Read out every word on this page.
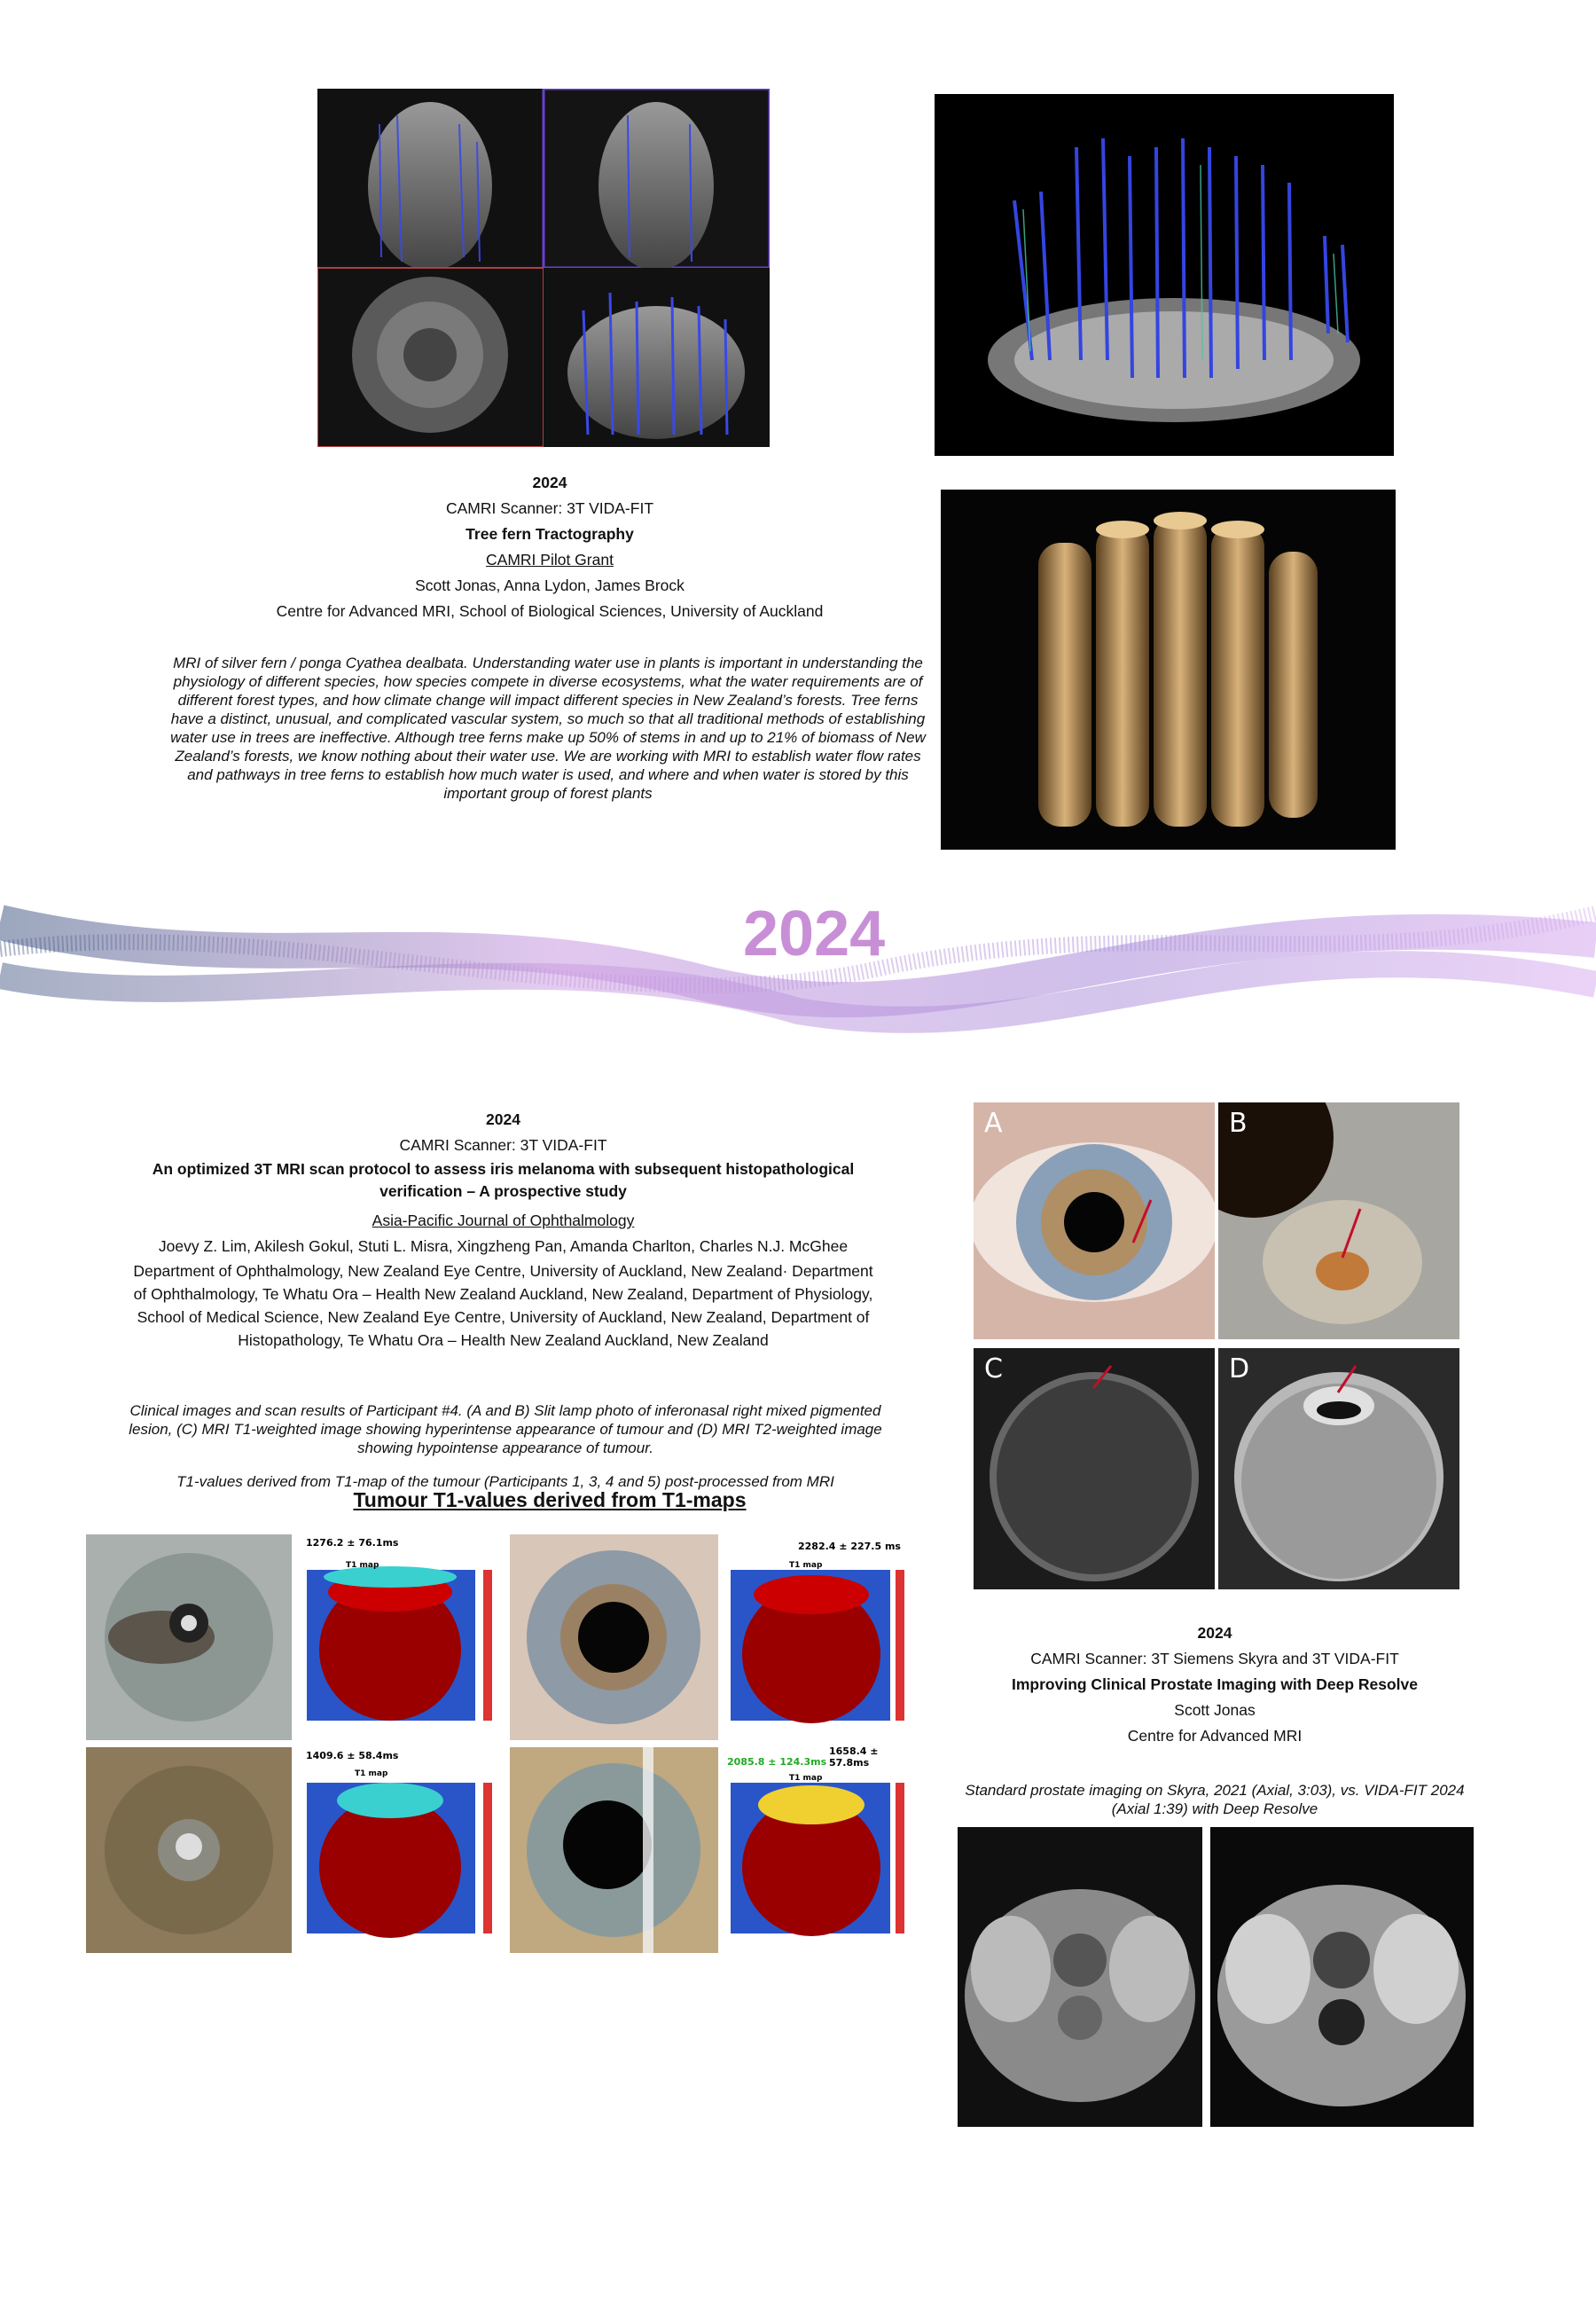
2024
CAMRI Scanner: 3T VIDA-FIT
Tree fern Tractography
CAMRI Pilot Grant
Scott Jonas, Anna Lydon, James Brock
Centre for Advanced MRI, School of Biological Sciences, University of Auckland
MRI of silver fern / ponga Cyathea dealbata. Understanding water use in plants is important in understanding the physiology of different species, how species compete in diverse ecosystems, what the water requirements are of different forest types, and how climate change will impact different species in New Zealand’s forests. Tree ferns have a distinct, unusual, and complicated vascular system, so much so that all traditional methods of establishing water use in trees are ineffective. Although tree ferns make up 50% of stems in and up to 21% of biomass of New Zealand’s forests, we know nothing about their water use. We are working with MRI to establish water flow rates and pathways in tree ferns to establish how much water is used, and where and when water is stored by this important group of forest plants
2024
2024
CAMRI Scanner: 3T VIDA-FIT
An optimized 3T MRI scan protocol to assess iris melanoma with subsequent histopathological verification – A prospective study
Asia-Pacific Journal of Ophthalmology
Joevy Z. Lim, Akilesh Gokul, Stuti L. Misra, Xingzheng Pan, Amanda Charlton, Charles N.J. McGhee
Department of Ophthalmology, New Zealand Eye Centre, University of Auckland, New Zealand· Department of Ophthalmology, Te Whatu Ora – Health New Zealand Auckland, New Zealand, Department of Physiology, School of Medical Science, New Zealand Eye Centre, University of Auckland, New Zealand, Department of Histopathology, Te Whatu Ora – Health New Zealand Auckland, New Zealand
Clinical images and scan results of Participant #4. (A and B) Slit lamp photo of inferonasal right mixed pigmented lesion, (C) MRI T1-weighted image showing hyperintense appearance of tumour and (D) MRI T2-weighted image showing hypointense appearance of tumour.
T1-values derived from T1-map of the tumour (Participants 1, 3, 4 and 5) post-processed from MRI
Tumour T1-values derived from T1-maps
A	B
C	D
1276.2 ± 76.1ms	2282.4 ± 227.5 ms
1409.6 ± 58.4ms
2085.8 ± 124.3ms
1658.4 ± 57.8ms
T1 map	T1 map
T1 map	T1 map
2024
CAMRI Scanner: 3T Siemens Skyra and 3T VIDA-FIT
Improving Clinical Prostate Imaging with Deep Resolve
Scott Jonas
Centre for Advanced MRI
Standard prostate imaging on Skyra, 2021 (Axial, 3:03), vs. VIDA-FIT 2024 (Axial 1:39) with Deep Resolve
